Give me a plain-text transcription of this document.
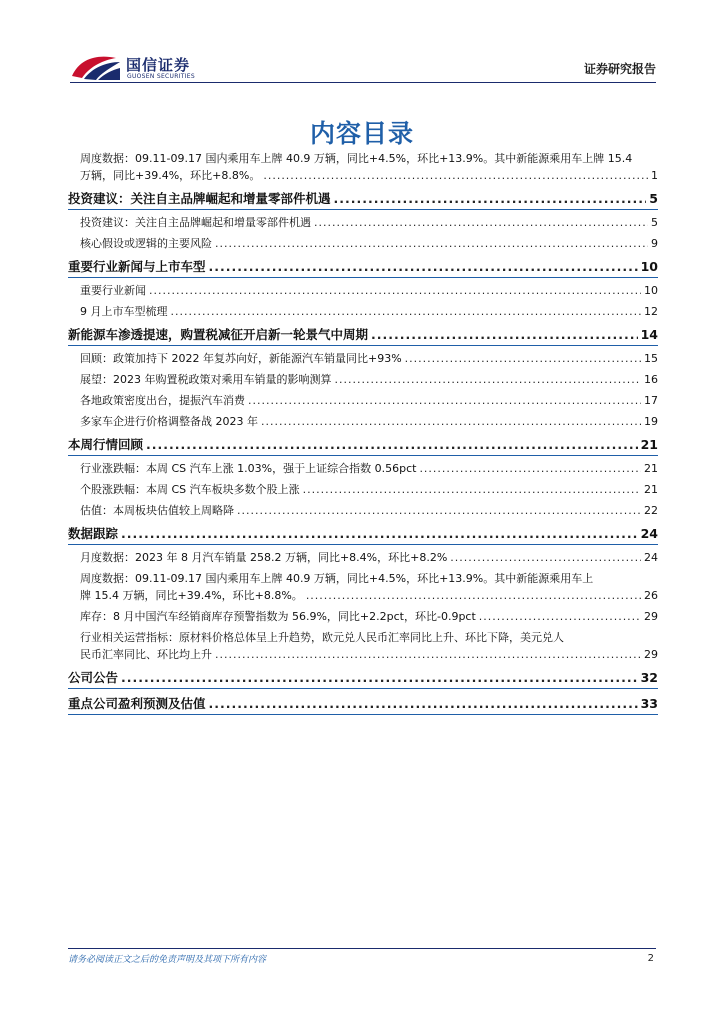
国信证券
GUOSEN SECURITIES
证券研究报告
内容目录
周度数据：09.11-09.17 国内乘用车上牌 40.9 万辆，同比+4.5%，环比+13.9%。其中新能源乘用车上牌 15.4
万辆，同比+39.4%，环比+8.8%。 .....	1
投资建议：关注自主品牌崛起和增量零部件机遇 .....	5
投资建议：关注自主品牌崛起和增量零部件机遇 .....	5
核心假设或逻辑的主要风险 .....	9
重要行业新闻与上市车型 .....	10
重要行业新闻 .....	10
9 月上市车型梳理 .....	12
新能源车渗透提速，购置税减征开启新一轮景气中周期 .....	14
回顾：政策加持下 2022 年复苏向好，新能源汽车销量同比+93% .....	15
展望：2023 年购置税政策对乘用车销量的影响测算 .....	16
各地政策密度出台，提振汽车消费 .....	17
多家车企进行价格调整备战 2023 年 .....	19
本周行情回顾 .....	21
行业涨跌幅：本周 CS 汽车上涨 1.03%，强于上证综合指数 0.56pct .....	21
个股涨跌幅：本周 CS 汽车板块多数个股上涨 .....	21
估值：本周板块估值较上周略降 .....	22
数据跟踪 .....	24
月度数据：2023 年 8 月汽车销量 258.2 万辆，同比+8.4%，环比+8.2% .....	24
周度数据：09.11-09.17 国内乘用车上牌 40.9 万辆，同比+4.5%，环比+13.9%。其中新能源乘用车上
牌 15.4 万辆，同比+39.4%，环比+8.8%。 .....	26
库存：8 月中国汽车经销商库存预警指数为 56.9%，同比+2.2pct，环比-0.9pct .....	29
行业相关运营指标：原材料价格总体呈上升趋势，欧元兑人民币汇率同比上升、环比下降，美元兑人
民币汇率同比、环比均上升 .....	29
公司公告 .....	32
重点公司盈利预测及估值 .....	33
请务必阅读正文之后的免责声明及其项下所有内容	2
